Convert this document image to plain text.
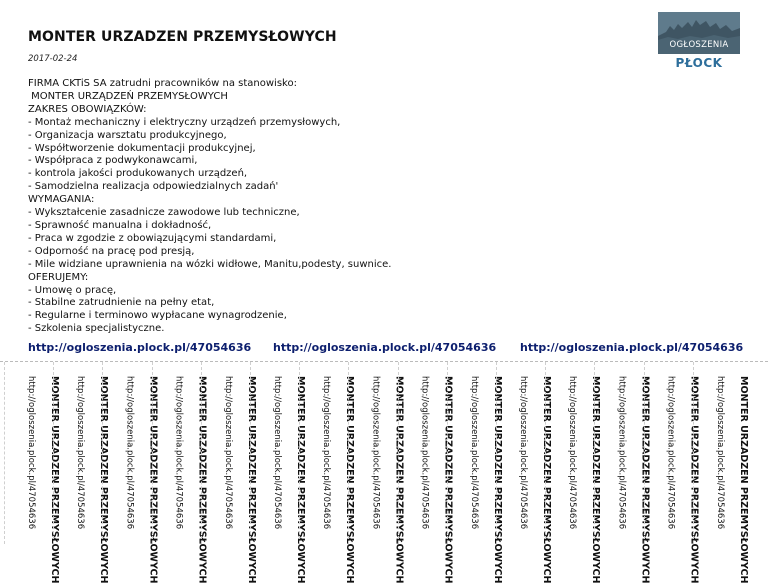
MONTER URZADZEN PRZEMYSŁOWYCH
2017-02-24
FIRMA CKTiS SA zatrudni pracowników na stanowisko:
MONTER URZĄDZEŃ PRZEMYSŁOWYCH
ZAKRES OBOWIĄZKÓW:
- Montaż mechaniczny i elektryczny urządzeń przemysłowych,
- Organizacja warsztatu produkcyjnego,
- Współtworzenie dokumentacji produkcyjnej,
- Współpraca z podwykonawcami,
- kontrola jakości produkowanych urządzeń,
- Samodzielna realizacja odpowiedzialnych zadań'
WYMAGANIA:
- Wykształcenie zasadnicze zawodowe lub techniczne,
- Sprawność manualna i dokładność,
- Praca w zgodzie z obowiązującymi standardami,
- Odporność na pracę pod presją,
- Mile widziane uprawnienia na wózki widłowe, Manitu,podesty, suwnice.
OFERUJEMY:
- Umowę o pracę,
- Stabilne zatrudnienie na pełny etat,
- Regularne i terminowo wypłacane wynagrodzenie,
- Szkolenia specjalistyczne.
OGŁOSZENIA
PŁOCK
http://ogloszenia.plock.pl/47054636 http://ogloszenia.plock.pl/47054636 http://ogloszenia.plock.pl/47054636
http://ogloszenia.plock.pl/47054636 MONTER URZADZEN PRZEMYSŁOWYCH http://ogloszenia.plock.pl/47054636 MONTER URZADZEN PRZEMYSŁOWYCH http://ogloszenia.plock.pl/47054636 MONTER URZADZEN PRZEMYSŁOWYCH http://ogloszenia.plock.pl/47054636 MONTER URZADZEN PRZEMYSŁOWYCH http://ogloszenia.plock.pl/47054636 MONTER URZADZEN PRZEMYSŁOWYCH http://ogloszenia.plock.pl/47054636 MONTER URZADZEN PRZEMYSŁOWYCH http://ogloszenia.plock.pl/47054636 MONTER URZADZEN PRZEMYSŁOWYCH http://ogloszenia.plock.pl/47054636 MONTER URZADZEN PRZEMYSŁOWYCH http://ogloszenia.plock.pl/47054636 MONTER URZADZEN PRZEMYSŁOWYCH http://ogloszenia.plock.pl/47054636 MONTER URZADZEN PRZEMYSŁOWYCH http://ogloszenia.plock.pl/47054636 MONTER URZADZEN PRZEMYSŁOWYCH http://ogloszenia.plock.pl/47054636 MONTER URZADZEN PRZEMYSŁOWYCH http://ogloszenia.plock.pl/47054636 MONTER URZADZEN PRZEMYSŁOWYCH http://ogloszenia.plock.pl/47054636 MONTER URZADZEN PRZEMYSŁOWYCH http://ogloszenia.plock.pl/47054636 MONTER URZADZEN PRZEMYSŁOWYCH
